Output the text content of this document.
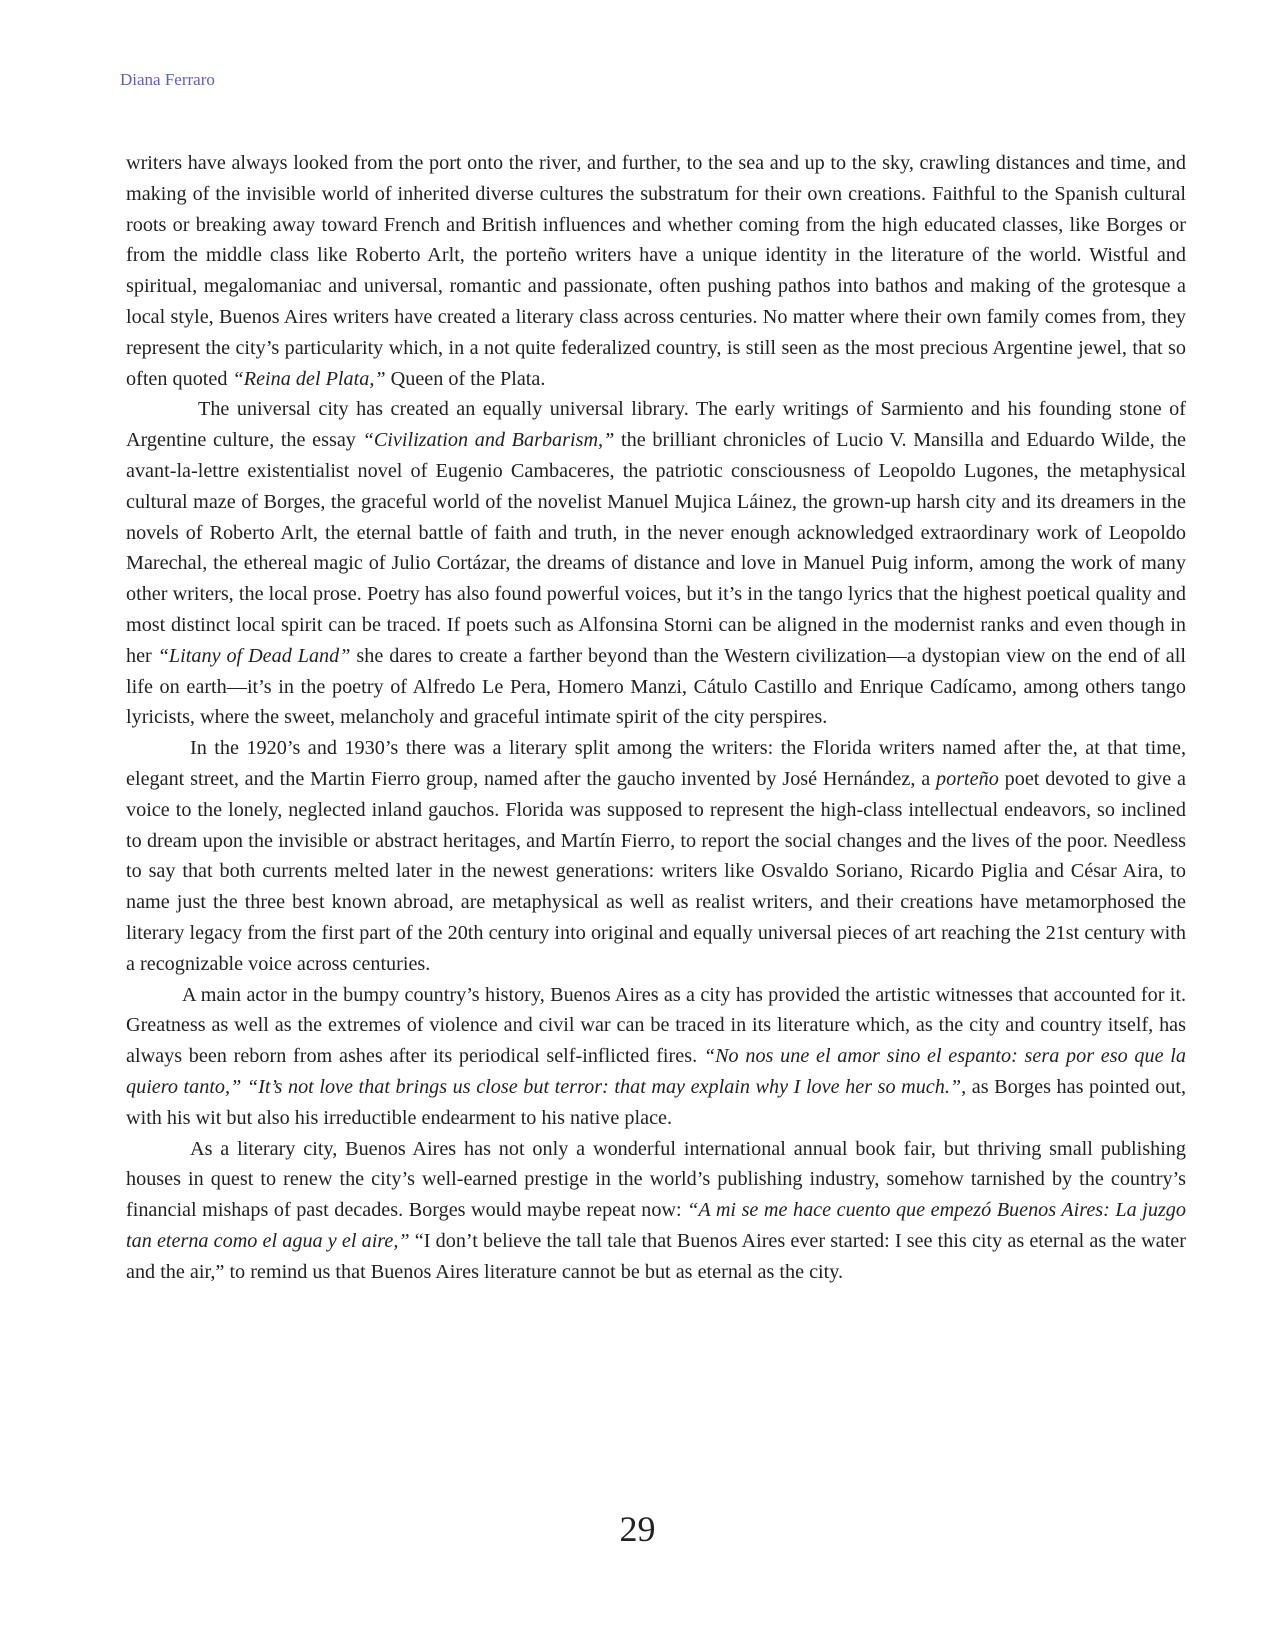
Diana Ferraro

writers have always looked from the port onto the river, and further, to the sea and up to the sky, crawling distances and time, and making of the invisible world of inherited diverse cultures the substratum for their own creations. Faithful to the Spanish cultural roots or breaking away toward French and British influences and whether coming from the high educated classes, like Borges or from the middle class like Roberto Arlt, the porteño writers have a unique identity in the literature of the world. Wistful and spiritual, megalomaniac and universal, romantic and passionate, often pushing pathos into bathos and making of the grotesque a local style, Buenos Aires writers have created a literary class across centuries. No matter where their own family comes from, they represent the city’s particularity which, in a not quite federalized country, is still seen as the most precious Argentine jewel, that so often quoted “Reina del Plata,” Queen of the Plata.

The universal city has created an equally universal library. The early writings of Sarmiento and his founding stone of Argentine culture, the essay “Civilization and Barbarism,” the brilliant chronicles of Lucio V. Mansilla and Eduardo Wilde, the avant-la-lettre existentialist novel of Eugenio Cambaceres, the patriotic consciousness of Leopoldo Lugones, the metaphysical cultural maze of Borges, the graceful world of the novelist Manuel Mujica Láinez, the grown-up harsh city and its dreamers in the novels of Roberto Arlt, the eternal battle of faith and truth, in the never enough acknowledged extraordinary work of Leopoldo Marechal, the ethereal magic of Julio Cortázar, the dreams of distance and love in Manuel Puig inform, among the work of many other writers, the local prose. Poetry has also found powerful voices, but it’s in the tango lyrics that the highest poetical quality and most distinct local spirit can be traced. If poets such as Alfonsina Storni can be aligned in the modernist ranks and even though in her “Litany of Dead Land” she dares to create a farther beyond than the Western civilization—a dystopian view on the end of all life on earth—it’s in the poetry of Alfredo Le Pera, Homero Manzi, Cátulo Castillo and Enrique Cadícamo, among others tango lyricists, where the sweet, melancholy and graceful intimate spirit of the city perspires.

In the 1920’s and 1930’s there was a literary split among the writers: the Florida writers named after the, at that time, elegant street, and the Martin Fierro group, named after the gaucho invented by José Hernández, a porteño poet devoted to give a voice to the lonely, neglected inland gauchos. Florida was supposed to represent the high-class intellectual endeavors, so inclined to dream upon the invisible or abstract heritages, and Martín Fierro, to report the social changes and the lives of the poor. Needless to say that both currents melted later in the newest generations: writers like Osvaldo Soriano, Ricardo Piglia and César Aira, to name just the three best known abroad, are metaphysical as well as realist writers, and their creations have metamorphosed the literary legacy from the first part of the 20th century into original and equally universal pieces of art reaching the 21st century with a recognizable voice across centuries.

A main actor in the bumpy country’s history, Buenos Aires as a city has provided the artistic witnesses that accounted for it. Greatness as well as the extremes of violence and civil war can be traced in its literature which, as the city and country itself, has always been reborn from ashes after its periodical self-inflicted fires. “No nos une el amor sino el espanto: sera por eso que la quiero tanto,” “It’s not love that brings us close but terror: that may explain why I love her so much.”, as Borges has pointed out, with his wit but also his irreductible endearment to his native place.

As a literary city, Buenos Aires has not only a wonderful international annual book fair, but thriving small publishing houses in quest to renew the city’s well-earned prestige in the world’s publishing industry, somehow tarnished by the country’s financial mishaps of past decades. Borges would maybe repeat now: “A mi se me hace cuento que empezó Buenos Aires: La juzgo tan eterna como el agua y el aire,” “I don’t believe the tall tale that Buenos Aires ever started: I see this city as eternal as the water and the air,” to remind us that Buenos Aires literature cannot be but as eternal as the city.

29
